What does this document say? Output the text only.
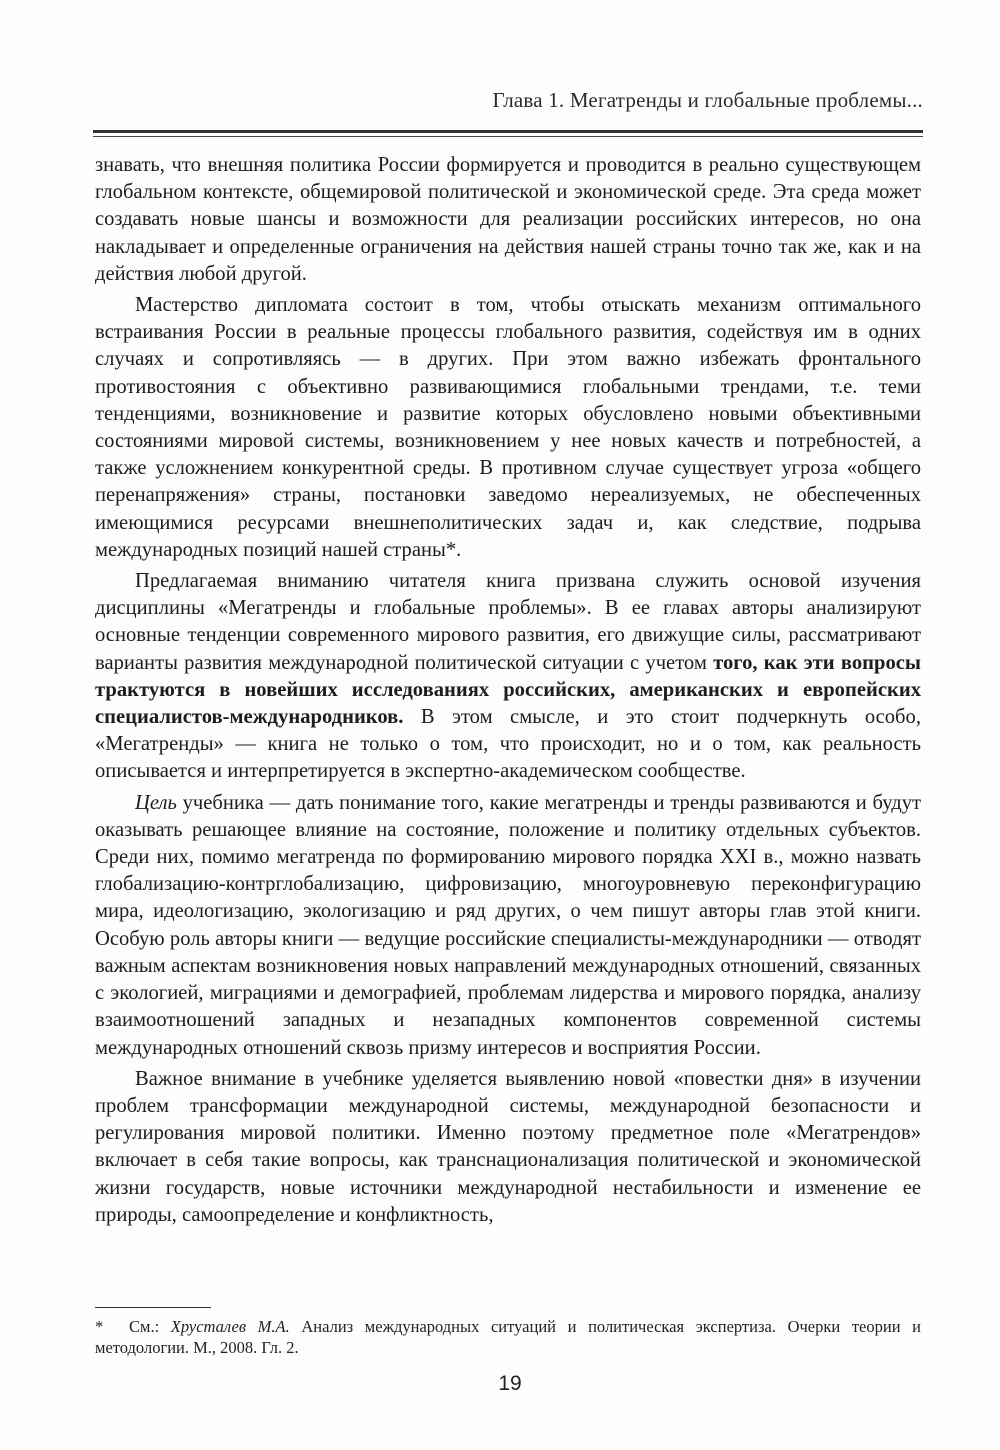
Глава 1. Мегатренды и глобальные проблемы...

знавать, что внешняя политика России формируется и проводится в реально существующем глобальном контексте, общемировой политической и экономической среде. Эта среда может создавать новые шансы и возможности для реализации российских интересов, но она накладывает и определенные ограничения на действия нашей страны точно так же, как и на действия любой другой.

Мастерство дипломата состоит в том, чтобы отыскать механизм оптимального встраивания России в реальные процессы глобального развития, содействуя им в одних случаях и сопротивляясь — в других. При этом важно избежать фронтального противостояния с объективно развивающимися глобальными трендами, т.е. теми тенденциями, возникновение и развитие которых обусловлено новыми объективными состояниями мировой системы, возникновением у нее новых качеств и потребностей, а также усложнением конкурентной среды. В противном случае существует угроза «общего перенапряжения» страны, постановки заведомо нереализуемых, не обеспеченных имеющимися ресурсами внешнеполитических задач и, как следствие, подрыва международных позиций нашей страны*.

Предлагаемая вниманию читателя книга призвана служить основой изучения дисциплины «Мегатренды и глобальные проблемы». В ее главах авторы анализируют основные тенденции современного мирового развития, его движущие силы, рассматривают варианты развития международной политической ситуации с учетом того, как эти вопросы трактуются в новейших исследованиях российских, американских и европейских специалистов-международников. В этом смысле, и это стоит подчеркнуть особо, «Мегатренды» — книга не только о том, что происходит, но и о том, как реальность описывается и интерпретируется в экспертно-академическом сообществе.

Цель учебника — дать понимание того, какие мегатренды и тренды развиваются и будут оказывать решающее влияние на состояние, положение и политику отдельных субъектов. Среди них, помимо мегатренда по формированию мирового порядка XXI в., можно назвать глобализацию-контрглобализацию, цифровизацию, многоуровневую переконфигурацию мира, идеологизацию, экологизацию и ряд других, о чем пишут авторы глав этой книги. Особую роль авторы книги — ведущие российские специалисты-международники — отводят важным аспектам возникновения новых направлений международных отношений, связанных с экологией, миграциями и демографией, проблемам лидерства и мирового порядка, анализу взаимоотношений западных и незападных компонентов современной системы международных отношений сквозь призму интересов и восприятия России.

Важное внимание в учебнике уделяется выявлению новой «повестки дня» в изучении проблем трансформации международной системы, международной безопасности и регулирования мировой политики. Именно поэтому предметное поле «Мегатрендов» включает в себя такие вопросы, как транснационализация политической и экономической жизни государств, новые источники международной нестабильности и изменение ее природы, самоопределение и конфликтность,

* См.: Хрусталев М.А. Анализ международных ситуаций и политическая экспертиза. Очерки теории и методологии. М., 2008. Гл. 2.
19
